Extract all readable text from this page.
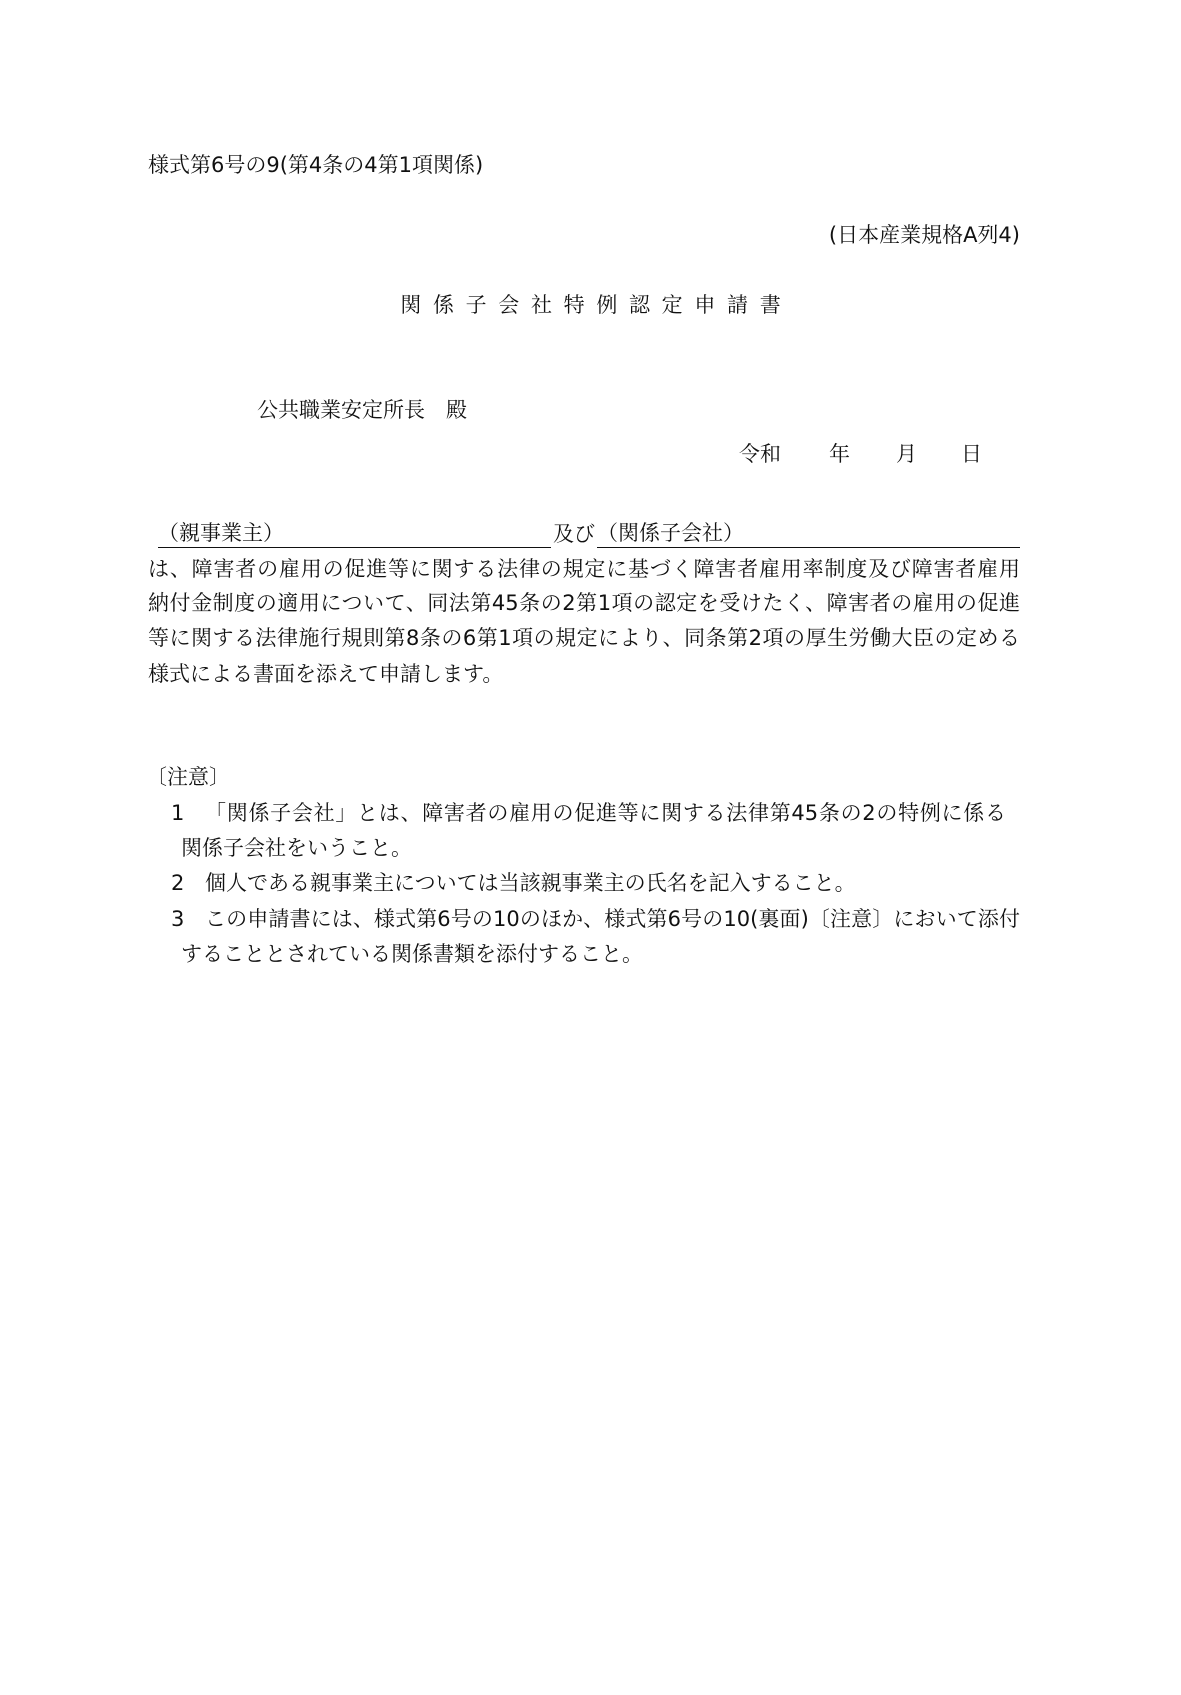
様式第6号の9(第4条の4第1項関係)
(日本産業規格A列4)
関 係 子 会 社 特 例 認 定 申 請 書
公共職業安定所長　殿
令和 年 月 日
（親事業主）	及び （関係子会社）
は、障害者の雇用の促進等に関する法律の規定に基づく障害者雇用率制度及び障害者雇用
納付金制度の適用について、同法第45条の2第1項の認定を受けたく、障害者の雇用の促進
等に関する法律施行規則第8条の6第1項の規定により、同条第2項の厚生労働大臣の定める
様式による書面を添えて申請します。
〔注意〕
1 「関係子会社」とは、障害者の雇用の促進等に関する法律第45条の2の特例に係る
関係子会社をいうこと。
2 個人である親事業主については当該親事業主の氏名を記入すること。
3 この申請書には、様式第6号の10のほか、様式第6号の10(裏面)〔注意〕において添付
することとされている関係書類を添付すること。
